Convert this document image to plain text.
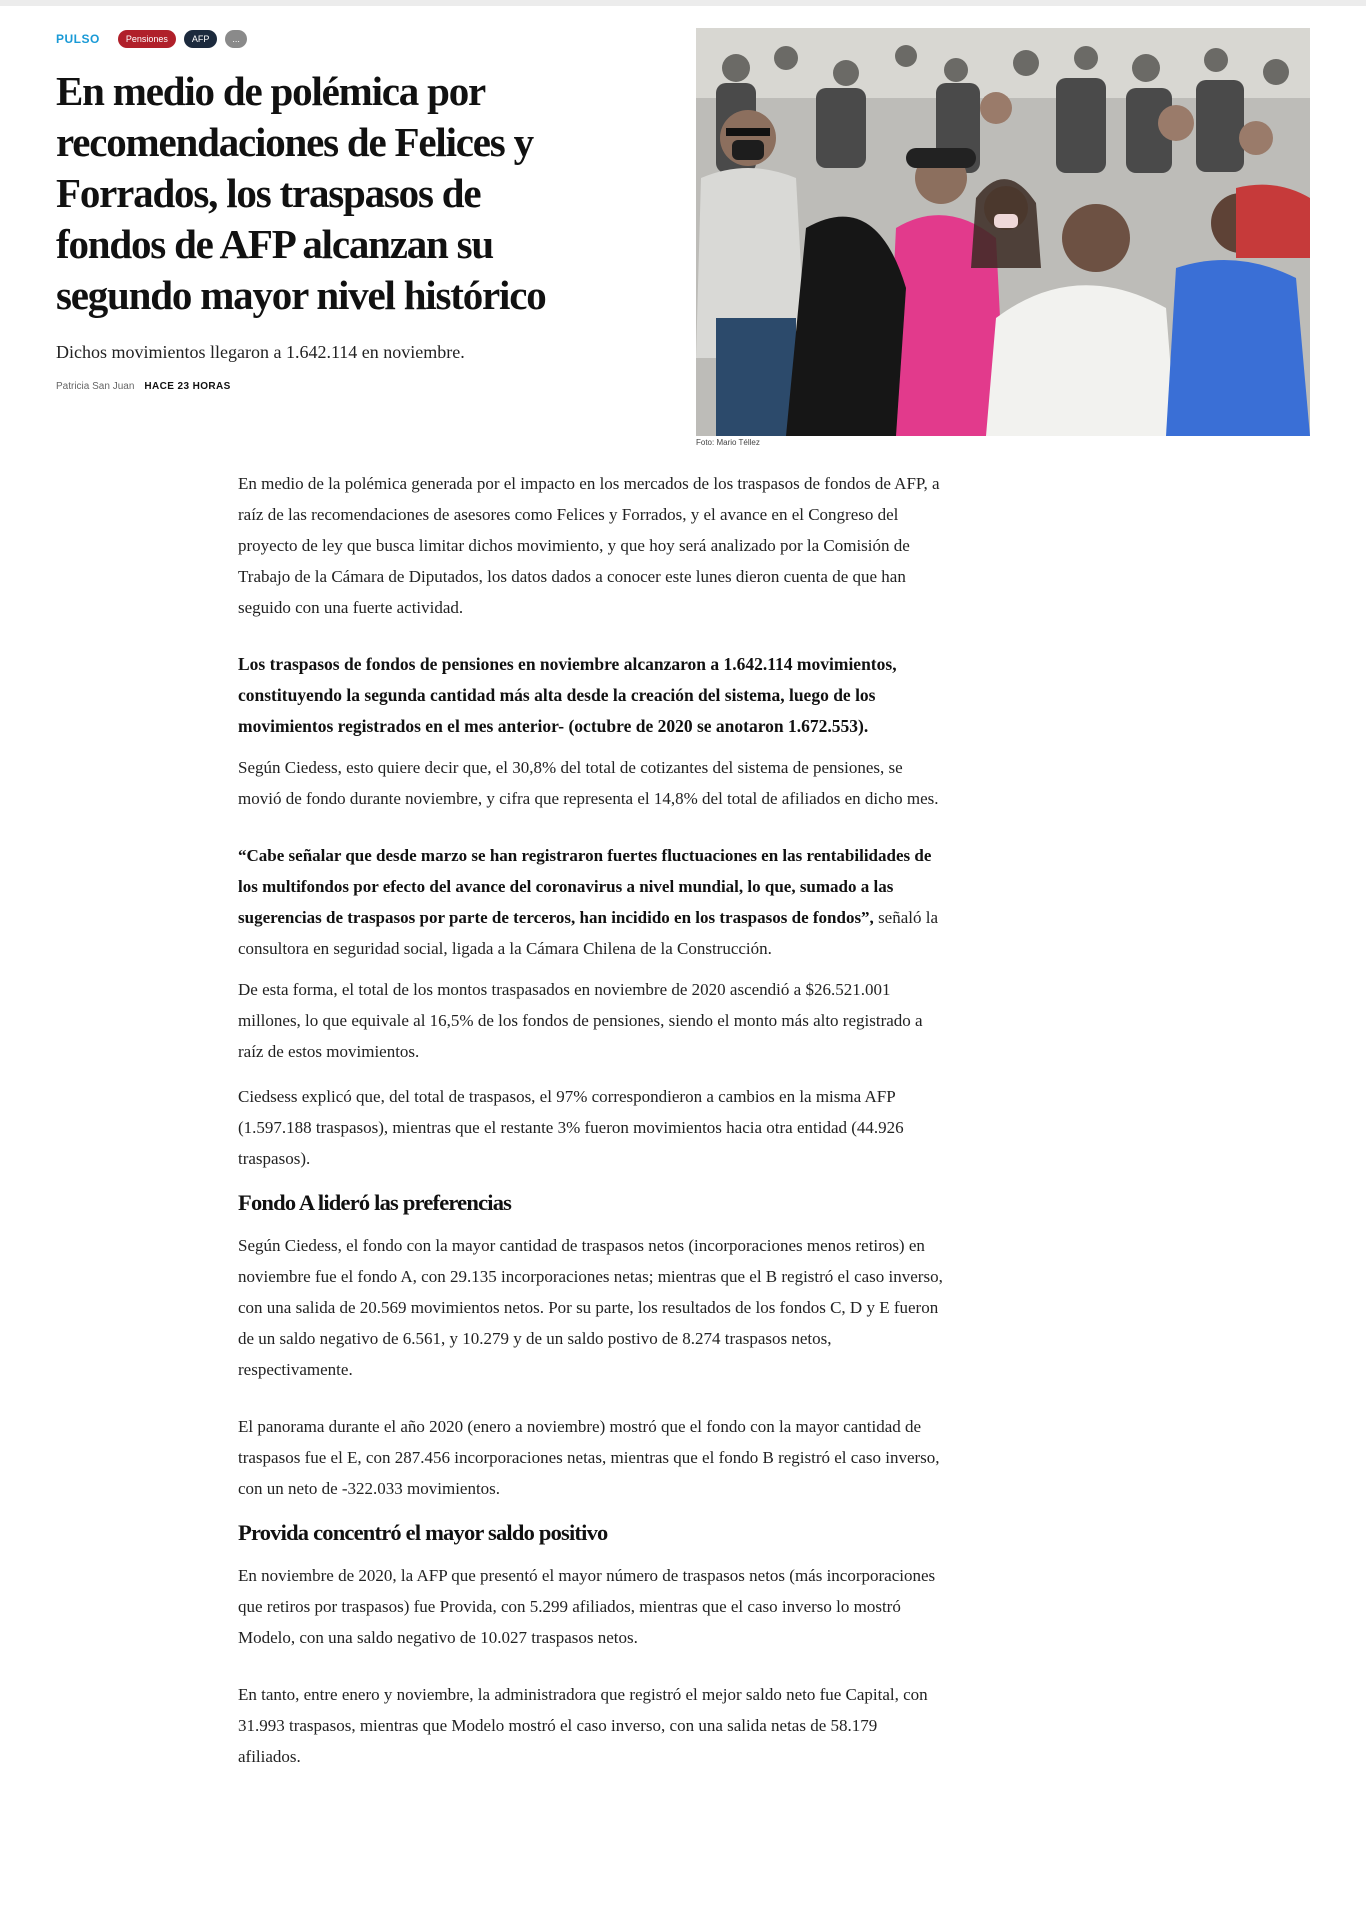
PULSO	Pensiones	AFP	...
En medio de polémica por recomendaciones de Felices y Forrados, los traspasos de fondos de AFP alcanzan su segundo mayor nivel histórico

Dichos movimientos llegaron a 1.642.114 en noviembre.

Patricia San Juan HACE 23 HORAS
Foto: Mario Téllez

En medio de la polémica generada por el impacto en los mercados de los traspasos de fondos de AFP, a raíz de las recomendaciones de asesores como Felices y Forrados, y el avance en el Congreso del proyecto de ley que busca limitar dichos movimiento, y que hoy será analizado por la Comisión de Trabajo de la Cámara de Diputados, los datos dados a conocer este lunes dieron cuenta de que han seguido con una fuerte actividad.

Los traspasos de fondos de pensiones en noviembre alcanzaron a 1.642.114 movimientos, constituyendo la segunda cantidad más alta desde la creación del sistema, luego de los movimientos registrados en el mes anterior- (octubre de 2020 se anotaron 1.672.553).

Según Ciedess, esto quiere decir que, el 30,8% del total de cotizantes del sistema de pensiones, se movió de fondo durante noviembre, y cifra que representa el 14,8% del total de afiliados en dicho mes.

“Cabe señalar que desde marzo se han registraron fuertes fluctuaciones en las rentabilidades de los multifondos por efecto del avance del coronavirus a nivel mundial, lo que, sumado a las sugerencias de traspasos por parte de terceros, han incidido en los traspasos de fondos”, señaló la consultora en seguridad social, ligada a la Cámara Chilena de la Construcción.

De esta forma, el total de los montos traspasados en noviembre de 2020 ascendió a $26.521.001 millones, lo que equivale al 16,5% de los fondos de pensiones, siendo el monto más alto registrado a raíz de estos movimientos.

Ciedsess explicó que, del total de traspasos, el 97% correspondieron a cambios en la misma AFP (1.597.188 traspasos), mientras que el restante 3% fueron movimientos hacia otra entidad (44.926 traspasos).

Fondo A lideró las preferencias

Según Ciedess, el fondo con la mayor cantidad de traspasos netos (incorporaciones menos retiros) en noviembre fue el fondo A, con 29.135 incorporaciones netas; mientras que el B registró el caso inverso, con una salida de 20.569 movimientos netos. Por su parte, los resultados de los fondos C, D y E fueron de un saldo negativo de 6.561, y 10.279 y de un saldo postivo de 8.274 traspasos netos, respectivamente.

El panorama durante el año 2020 (enero a noviembre) mostró que el fondo con la mayor cantidad de traspasos fue el E, con 287.456 incorporaciones netas, mientras que el fondo B registró el caso inverso, con un neto de -322.033 movimientos.

Provida concentró el mayor saldo positivo

En noviembre de 2020, la AFP que presentó el mayor número de traspasos netos (más incorporaciones que retiros por traspasos) fue Provida, con 5.299 afiliados, mientras que el caso inverso lo mostró Modelo, con una saldo negativo de 10.027 traspasos netos.

En tanto, entre enero y noviembre, la administradora que registró el mejor saldo neto fue Capital, con 31.993 traspasos, mientras que Modelo mostró el caso inverso, con una salida netas de 58.179 afiliados.
